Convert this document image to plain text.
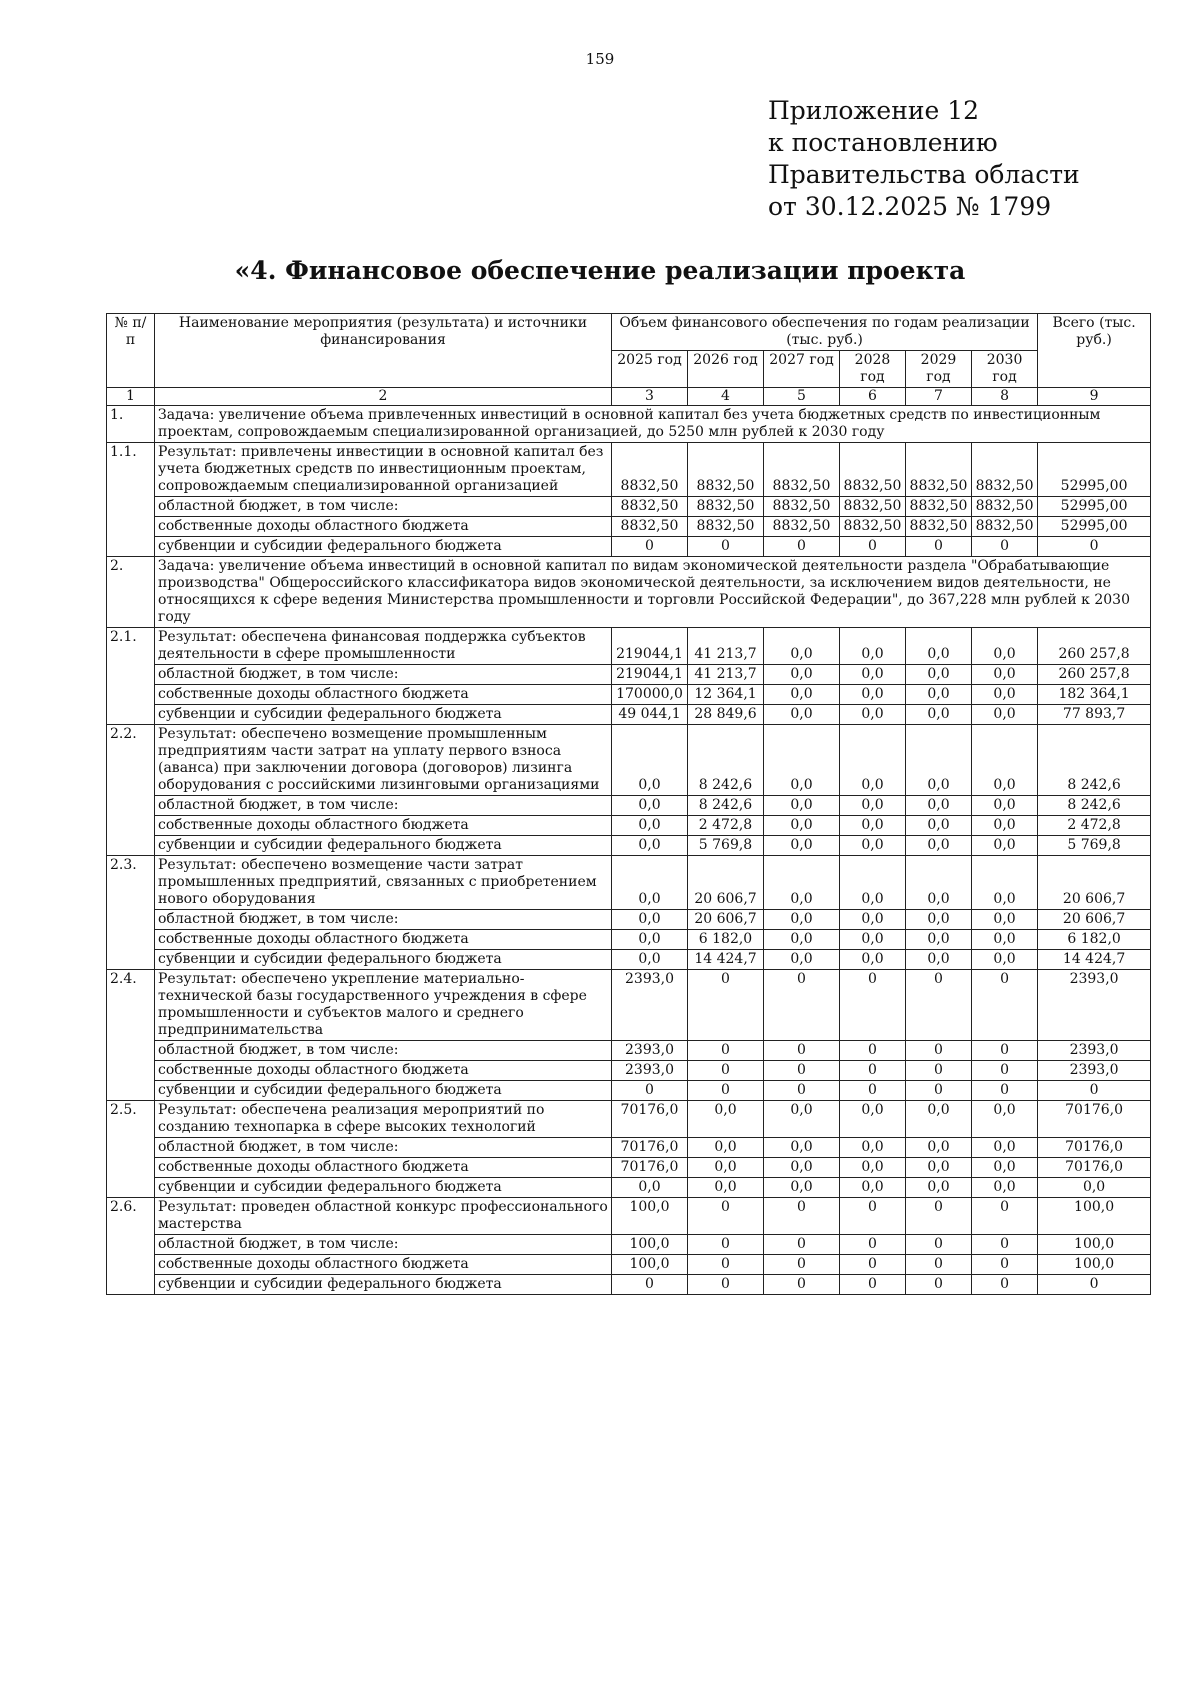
159
Приложение 12
к постановлению
Правительства области
от 30.12.2025 № 1799
«4. Финансовое обеспечение реализации проекта
№ п/п	Наименование мероприятия (результата) и источники финансирования	Объем финансового обеспечения по годам реализации (тыс. руб.)						Всего (тыс. руб.)
		2025 год	2026 год	2027 год	2028 год	2029 год	2030 год	
1	2	3	4	5	6	7	8	9
1.	Задача: увеличение объема привлеченных инвестиций в основной капитал без учета бюджетных средств по инвестиционным проектам, сопровождаемым специализированной организацией, до 5250 млн рублей к 2030 году							
1.1.	Результат: привлечены инвестиции в основной капитал без учета бюджетных средств по инвестиционным проектам, сопровождаемым специализированной организацией	8832,50	8832,50	8832,50	8832,50	8832,50	8832,50	52995,00
	областной бюджет, в том числе:	8832,50	8832,50	8832,50	8832,50	8832,50	8832,50	52995,00
	собственные доходы областного бюджета	8832,50	8832,50	8832,50	8832,50	8832,50	8832,50	52995,00
	субвенции и субсидии федерального бюджета	0	0	0	0	0	0	0
2.	Задача: увеличение объема инвестиций в основной капитал по видам экономической деятельности раздела "Обрабатывающие производства" Общероссийского классификатора видов экономической деятельности, за исключением видов деятельности, не относящихся к сфере ведения Министерства промышленности и торговли Российской Федерации", до 367,228 млн рублей к 2030 году							
2.1.	Результат: обеспечена финансовая поддержка субъектов деятельности в сфере промышленности	219044,1	41 213,7	0,0	0,0	0,0	0,0	260 257,8
	областной бюджет, в том числе:	219044,1	41 213,7	0,0	0,0	0,0	0,0	260 257,8
	собственные доходы областного бюджета	170000,0	12 364,1	0,0	0,0	0,0	0,0	182 364,1
	субвенции и субсидии федерального бюджета	49 044,1	28 849,6	0,0	0,0	0,0	0,0	77 893,7
2.2.	Результат: обеспечено возмещение промышленным предприятиям части затрат на уплату первого взноса (аванса) при заключении договора (договоров) лизинга оборудования с российскими лизинговыми организациями	0,0	8 242,6	0,0	0,0	0,0	0,0	8 242,6
	областной бюджет, в том числе:	0,0	8 242,6	0,0	0,0	0,0	0,0	8 242,6
	собственные доходы областного бюджета	0,0	2 472,8	0,0	0,0	0,0	0,0	2 472,8
	субвенции и субсидии федерального бюджета	0,0	5 769,8	0,0	0,0	0,0	0,0	5 769,8
2.3.	Результат: обеспечено возмещение части затрат промышленных предприятий, связанных с приобретением нового оборудования	0,0	20 606,7	0,0	0,0	0,0	0,0	20 606,7
	областной бюджет, в том числе:	0,0	20 606,7	0,0	0,0	0,0	0,0	20 606,7
	собственные доходы областного бюджета	0,0	6 182,0	0,0	0,0	0,0	0,0	6 182,0
	субвенции и субсидии федерального бюджета	0,0	14 424,7	0,0	0,0	0,0	0,0	14 424,7
2.4.	Результат: обеспечено укрепление материально-технической базы государственного учреждения в сфере промышленности и субъектов малого и среднего предпринимательства	2393,0	0	0	0	0	0	2393,0
	областной бюджет, в том числе:	2393,0	0	0	0	0	0	2393,0
	собственные доходы областного бюджета	2393,0	0	0	0	0	0	2393,0
	субвенции и субсидии федерального бюджета	0	0	0	0	0	0	0
2.5.	Результат: обеспечена реализация мероприятий по созданию технопарка в сфере высоких технологий	70176,0	0,0	0,0	0,0	0,0	0,0	70176,0
	областной бюджет, в том числе:	70176,0	0,0	0,0	0,0	0,0	0,0	70176,0
	собственные доходы областного бюджета	70176,0	0,0	0,0	0,0	0,0	0,0	70176,0
	субвенции и субсидии федерального бюджета	0,0	0,0	0,0	0,0	0,0	0,0	0,0
2.6.	Результат: проведен областной конкурс профессионального мастерства	100,0	0	0	0	0	0	100,0
	областной бюджет, в том числе:	100,0	0	0	0	0	0	100,0
	собственные доходы областного бюджета	100,0	0	0	0	0	0	100,0
	субвенции и субсидии федерального бюджета	0	0	0	0	0	0	0
